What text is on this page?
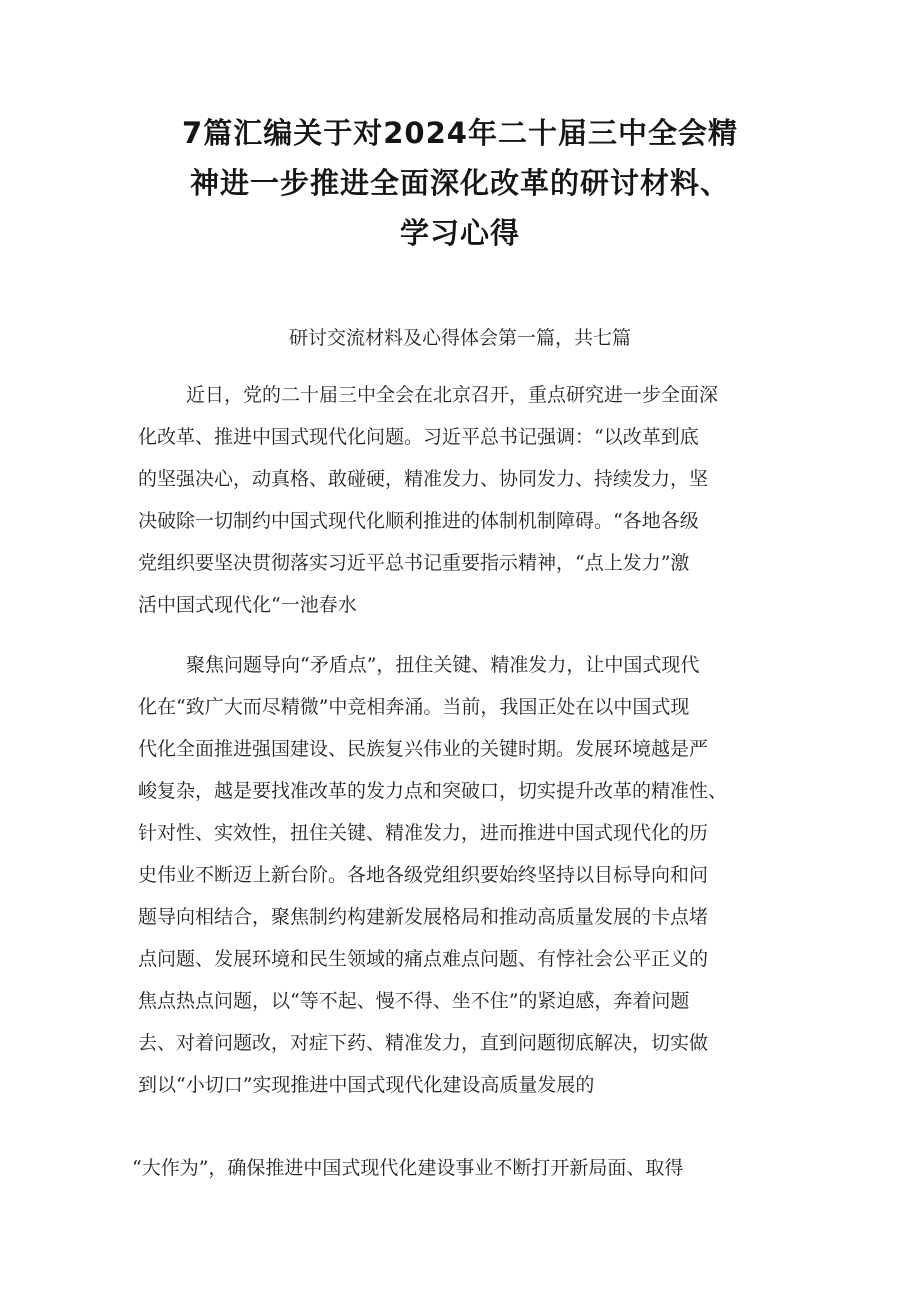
7篇汇编关于对2024年二十届三中全会精
神进一步推进全面深化改革的研讨材料、
学习心得

研讨交流材料及心得体会第一篇，共七篇

近日，党的二十届三中全会在北京召开，重点研究进一步全面深
化改革、推进中国式现代化问题。习近平总书记强调：“以改革到底
的坚强决心，动真格、敢碰硬，精准发力、协同发力、持续发力，坚
决破除一切制约中国式现代化顺利推进的体制机制障碍。“各地各级
党组织要坚决贯彻落实习近平总书记重要指示精神，“点上发力”激
活中国式现代化“一池春水
聚焦问题导向“矛盾点”，扭住关键、精准发力，让中国式现代
化在“致广大而尽精微”中竞相奔涌。当前，我国正处在以中国式现
代化全面推进强国建设、民族复兴伟业的关键时期。发展环境越是严
峻复杂，越是要找准改革的发力点和突破口，切实提升改革的精准性、
针对性、实效性，扭住关键、精准发力，进而推进中国式现代化的历
史伟业不断迈上新台阶。各地各级党组织要始终坚持以目标导向和问
题导向相结合，聚焦制约构建新发展格局和推动高质量发展的卡点堵
点问题、发展环境和民生领域的痛点难点问题、有悖社会公平正义的
焦点热点问题，以“等不起、慢不得、坐不住”的紧迫感，奔着问题
去、对着问题改，对症下药、精准发力，直到问题彻底解决，切实做
到以“小切口”实现推进中国式现代化建设高质量发展的
“大作为”，确保推进中国式现代化建设事业不断打开新局面、取得
